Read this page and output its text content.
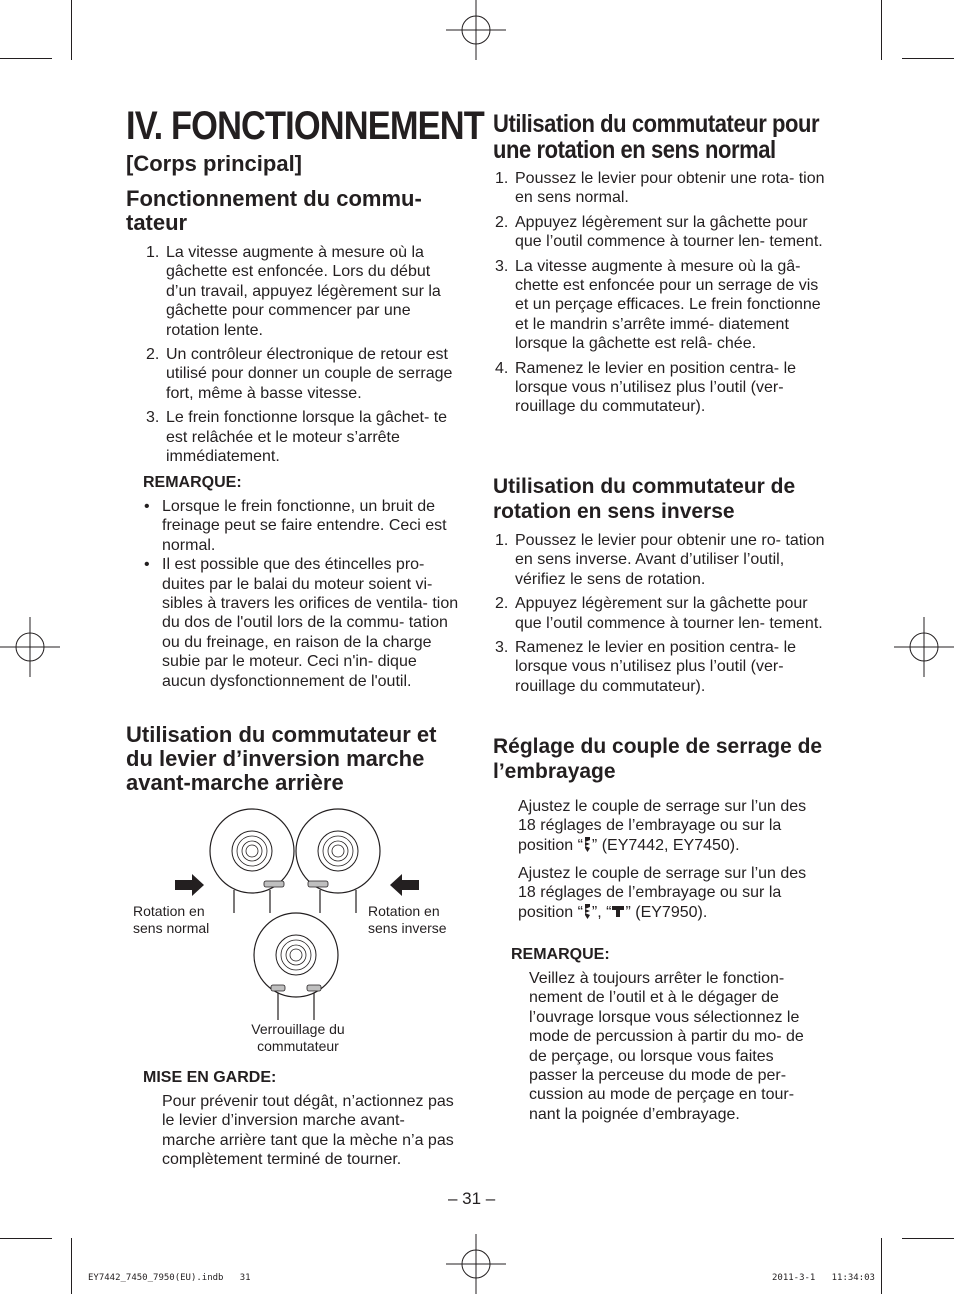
IV. FONCTIONNEMENT
[Corps principal]
Fonctionnement du commu- tateur
1. La vitesse augmente à mesure où la gâchette est enfoncée. Lors du début d’un travail, appuyez légèrement sur la gâchette pour commencer par une rotation lente.
2. Un contrôleur électronique de retour est utilisé pour donner un couple de serrage fort, même à basse vitesse.
3. Le frein fonctionne lorsque la gâchet- te est relâchée et le moteur s’arrête immédiatement.
REMARQUE:
• Lorsque le frein fonctionne, un bruit de freinage peut se faire entendre. Ceci est normal.
• Il est possible que des étincelles pro- duites par le balai du moteur soient vi- sibles à travers les orifices de ventila- tion du dos de l'outil lors de la commu- tation ou du freinage, en raison de la charge subie par le moteur. Ceci n'in- dique aucun dysfonctionnement de l'outil.
Utilisation du commutateur et du levier d’inversion marche avant-marche arrière
Rotation en sens normal
Rotation en sens inverse
Verrouillage du commutateur
MISE EN GARDE:
Pour prévenir tout dégât, n’actionnez pas le levier d’inversion marche avant- marche arrière tant que la mèche n’a pas complètement terminé de tourner.
Utilisation du commutateur pour une rotation en sens normal
1. Poussez le levier pour obtenir une rota- tion en sens normal.
2. Appuyez légèrement sur la gâchette pour que l’outil commence à tourner len- tement.
3. La vitesse augmente à mesure où la gâ- chette est enfoncée pour un serrage de vis et un perçage efficaces. Le frein fonctionne et le mandrin s’arrête immé- diatement lorsque la gâchette est relâ- chée.
4. Ramenez le levier en position centra- le lorsque vous n’utilisez plus l’outil (ver- rouillage du commutateur).
Utilisation du commutateur de rotation en sens inverse
1. Poussez le levier pour obtenir une ro- tation en sens inverse. Avant d’utiliser l’outil, vérifiez le sens de rotation.
2. Appuyez légèrement sur la gâchette pour que l’outil commence à tourner len- tement.
3. Ramenez le levier en position centra- le lorsque vous n’utilisez plus l’outil (ver- rouillage du commutateur).
Réglage du couple de serrage de l’embrayage
Ajustez le couple de serrage sur l’un des 18 réglages de l’embrayage ou sur la position “ ” (EY7442, EY7450).
Ajustez le couple de serrage sur l’un des 18 réglages de l’embrayage ou sur la position “ ”, “ ” (EY7950).
REMARQUE:
Veillez à toujours arrêter le fonction- nement de l’outil et à le dégager de l’ouvrage lorsque vous sélectionnez le mode de percussion à partir du mo- de de perçage, ou lorsque vous faites passer la perceuse du mode de per- cussion au mode de perçage en tour- nant la poignée d’embrayage.
– 31 –
EY7442_7450_7950(EU).indb   31	2011-3-1   11:34:03
